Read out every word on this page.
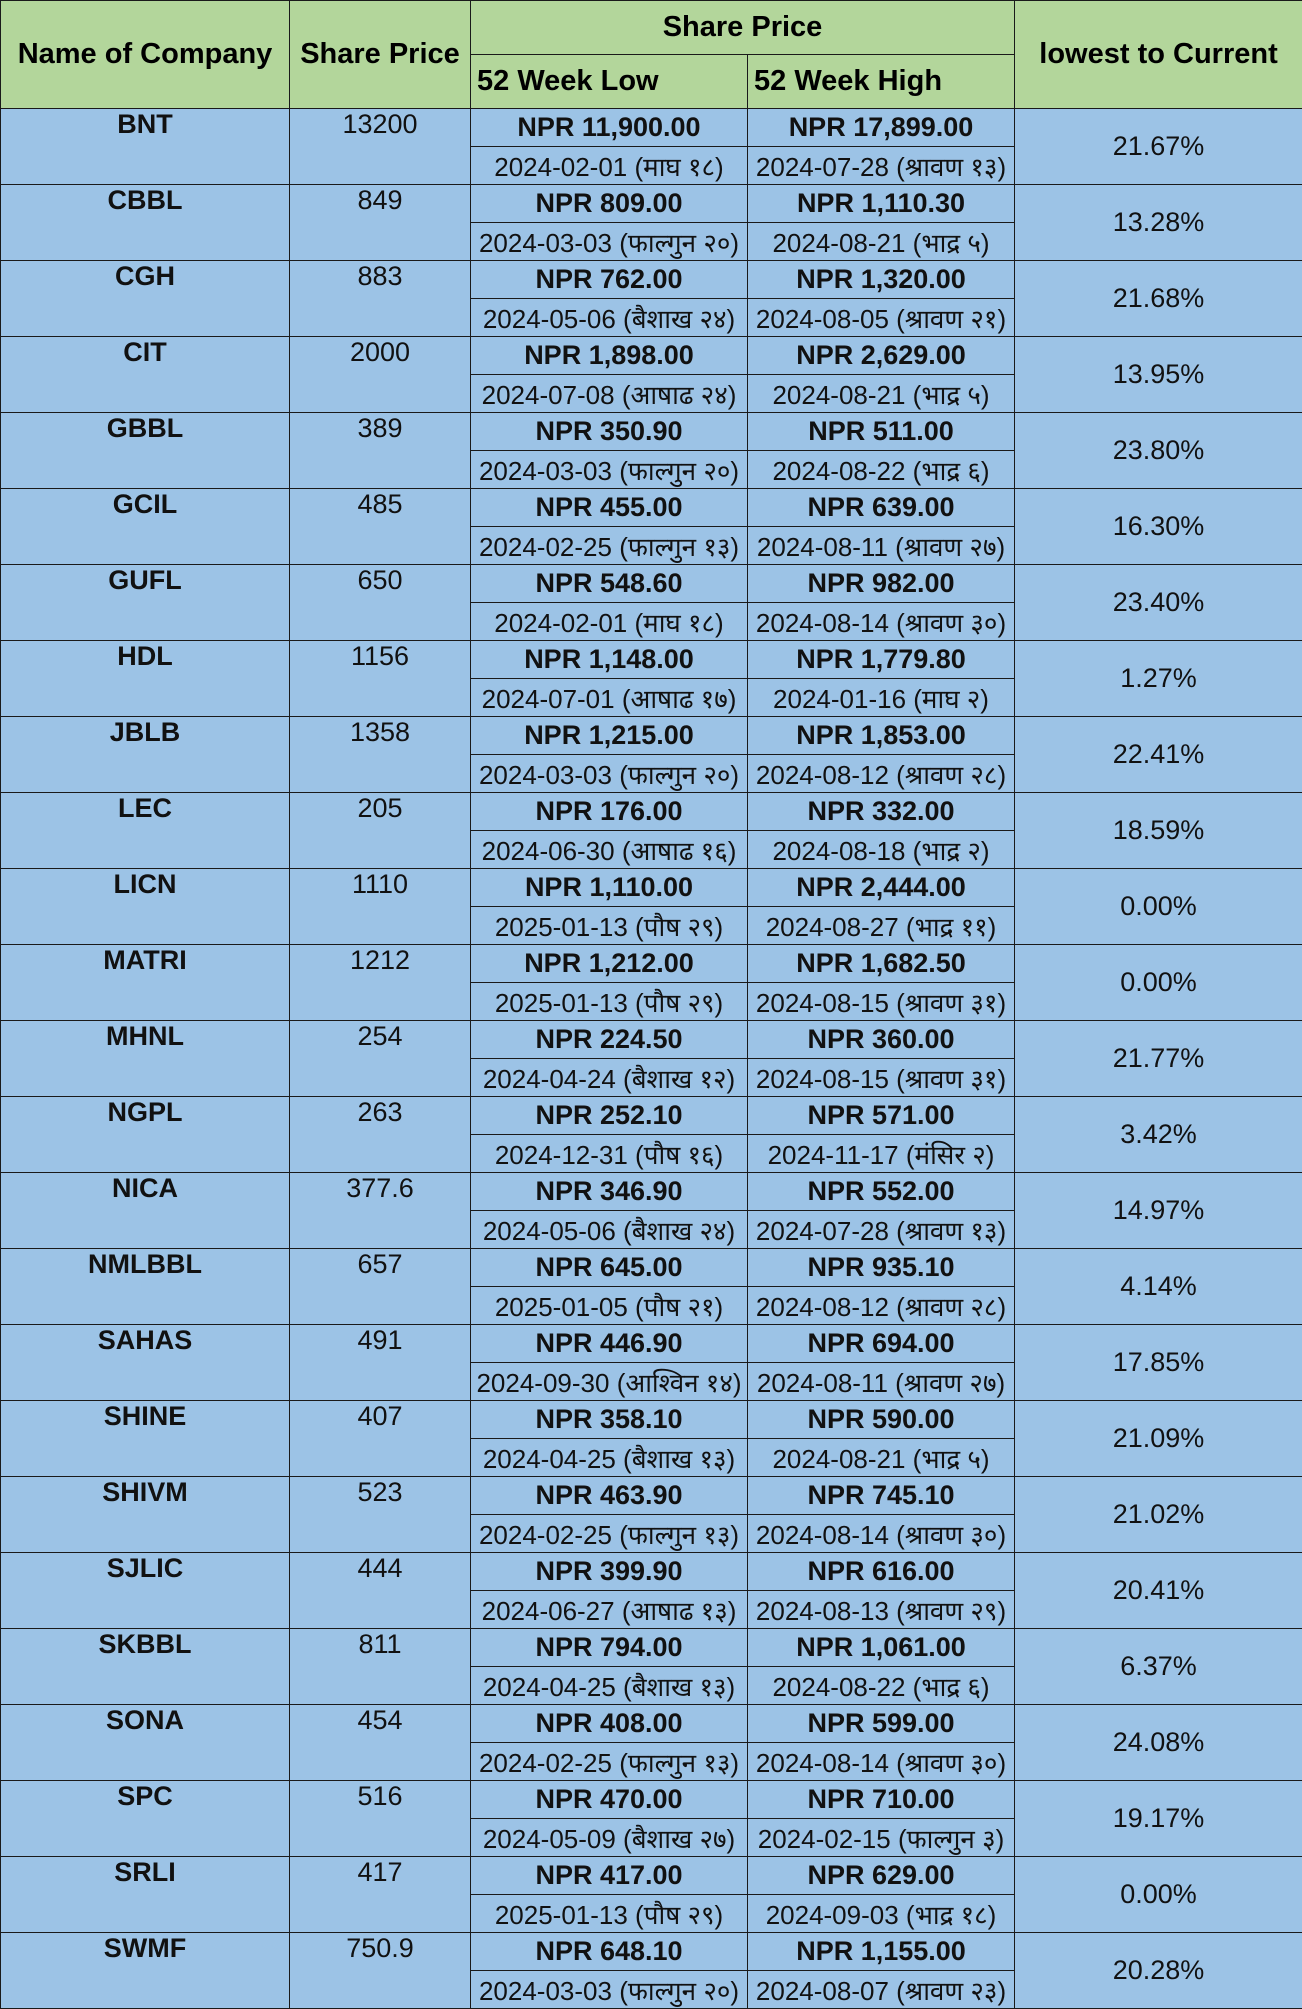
Name of Company	Share Price	Share Price		lowest to Current
		52 Week Low	52 Week High	
BNT	13200	NPR 11,900.00	NPR 17,899.00	21.67%
		2024-02-01 (माघ १८)	2024-07-28 (श्रावण १३)	
CBBL	849	NPR 809.00	NPR 1,110.30	13.28%
		2024-03-03 (फाल्गुन २०)	2024-08-21 (भाद्र ५)	
CGH	883	NPR 762.00	NPR 1,320.00	21.68%
		2024-05-06 (बैशाख २४)	2024-08-05 (श्रावण २१)	
CIT	2000	NPR 1,898.00	NPR 2,629.00	13.95%
		2024-07-08 (आषाढ २४)	2024-08-21 (भाद्र ५)	
GBBL	389	NPR 350.90	NPR 511.00	23.80%
		2024-03-03 (फाल्गुन २०)	2024-08-22 (भाद्र ६)	
GCIL	485	NPR 455.00	NPR 639.00	16.30%
		2024-02-25 (फाल्गुन १३)	2024-08-11 (श्रावण २७)	
GUFL	650	NPR 548.60	NPR 982.00	23.40%
		2024-02-01 (माघ १८)	2024-08-14 (श्रावण ३०)	
HDL	1156	NPR 1,148.00	NPR 1,779.80	1.27%
		2024-07-01 (आषाढ १७)	2024-01-16 (माघ २)	
JBLB	1358	NPR 1,215.00	NPR 1,853.00	22.41%
		2024-03-03 (फाल्गुन २०)	2024-08-12 (श्रावण २८)	
LEC	205	NPR 176.00	NPR 332.00	18.59%
		2024-06-30 (आषाढ १६)	2024-08-18 (भाद्र २)	
LICN	1110	NPR 1,110.00	NPR 2,444.00	0.00%
		2025-01-13 (पौष २९)	2024-08-27 (भाद्र ११)	
MATRI	1212	NPR 1,212.00	NPR 1,682.50	0.00%
		2025-01-13 (पौष २९)	2024-08-15 (श्रावण ३१)	
MHNL	254	NPR 224.50	NPR 360.00	21.77%
		2024-04-24 (बैशाख १२)	2024-08-15 (श्रावण ३१)	
NGPL	263	NPR 252.10	NPR 571.00	3.42%
		2024-12-31 (पौष १६)	2024-11-17 (मंसिर २)	
NICA	377.6	NPR 346.90	NPR 552.00	14.97%
		2024-05-06 (बैशाख २४)	2024-07-28 (श्रावण १३)	
NMLBBL	657	NPR 645.00	NPR 935.10	4.14%
		2025-01-05 (पौष २१)	2024-08-12 (श्रावण २८)	
SAHAS	491	NPR 446.90	NPR 694.00	17.85%
		2024-09-30 (आश्विन १४)	2024-08-11 (श्रावण २७)	
SHINE	407	NPR 358.10	NPR 590.00	21.09%
		2024-04-25 (बैशाख १३)	2024-08-21 (भाद्र ५)	
SHIVM	523	NPR 463.90	NPR 745.10	21.02%
		2024-02-25 (फाल्गुन १३)	2024-08-14 (श्रावण ३०)	
SJLIC	444	NPR 399.90	NPR 616.00	20.41%
		2024-06-27 (आषाढ १३)	2024-08-13 (श्रावण २९)	
SKBBL	811	NPR 794.00	NPR 1,061.00	6.37%
		2024-04-25 (बैशाख १३)	2024-08-22 (भाद्र ६)	
SONA	454	NPR 408.00	NPR 599.00	24.08%
		2024-02-25 (फाल्गुन १३)	2024-08-14 (श्रावण ३०)	
SPC	516	NPR 470.00	NPR 710.00	19.17%
		2024-05-09 (बैशाख २७)	2024-02-15 (फाल्गुन ३)	
SRLI	417	NPR 417.00	NPR 629.00	0.00%
		2025-01-13 (पौष २९)	2024-09-03 (भाद्र १८)	
SWMF	750.9	NPR 648.10	NPR 1,155.00	20.28%
		2024-03-03 (फाल्गुन २०)	2024-08-07 (श्रावण २३)	
